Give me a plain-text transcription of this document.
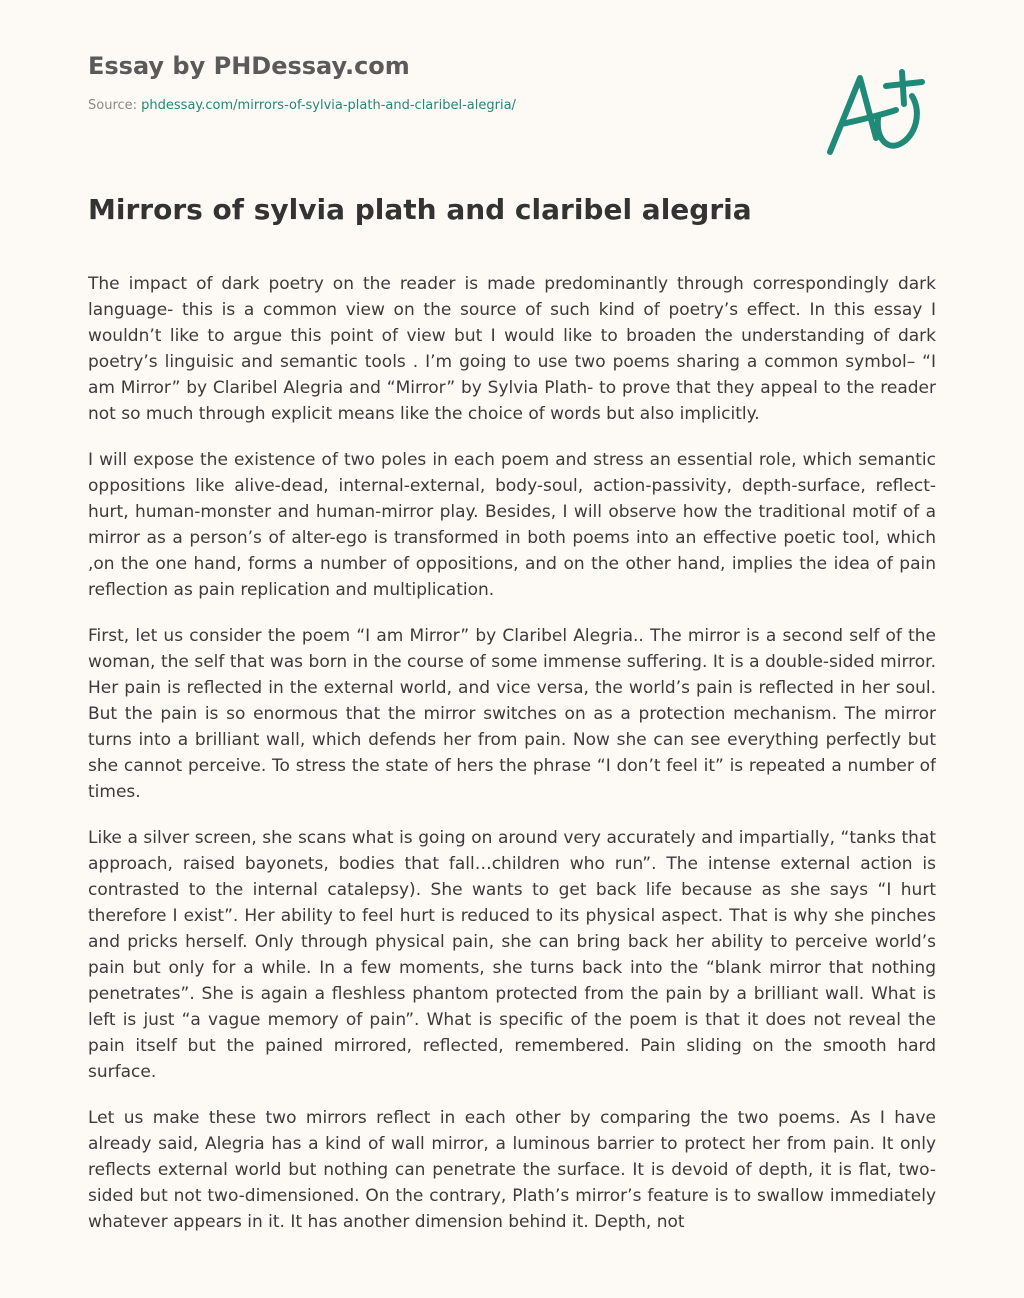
Essay by PHDessay.com
Source: phdessay.com/mirrors-of-sylvia-plath-and-claribel-alegria/
Mirrors of sylvia plath and claribel alegria

The impact of dark poetry on the reader is made predominantly through correspondingly dark language- this is a common view on the source of such kind of poetry’s effect. In this essay I wouldn’t like to argue this point of view but I would like to broaden the understanding of dark poetry’s linguisic and semantic tools . I’m going to use two poems sharing a common symbol– “I am Mirror” by Claribel Alegria and “Mirror” by Sylvia Plath- to prove that they appeal to the reader not so much through explicit means like the choice of words but also implicitly.

I will expose the existence of two poles in each poem and stress an essential role, which semantic oppositions like alive-dead, internal-external, body-soul, action-passivity, depth-surface, reflect- hurt, human-monster and human-mirror play. Besides, I will observe how the traditional motif of a mirror as a person’s of alter-ego is transformed in both poems into an effective poetic tool, which ,on the one hand, forms a number of oppositions, and on the other hand, implies the idea of pain reflection as pain replication and multiplication.

First, let us consider the poem “I am Mirror” by Claribel Alegria.. The mirror is a second self of the woman, the self that was born in the course of some immense suffering. It is a double-sided mirror. Her pain is reflected in the external world, and vice versa, the world’s pain is reflected in her soul. But the pain is so enormous that the mirror switches on as a protection mechanism. The mirror turns into a brilliant wall, which defends her from pain. Now she can see everything perfectly but she cannot perceive. To stress the state of hers the phrase “I don’t feel it” is repeated a number of times.

Like a silver screen, she scans what is going on around very accurately and impartially, “tanks that approach, raised bayonets, bodies that fall…children who run”. The intense external action is contrasted to the internal catalepsy). She wants to get back life because as she says “I hurt therefore I exist”. Her ability to feel hurt is reduced to its physical aspect. That is why she pinches and pricks herself. Only through physical pain, she can bring back her ability to perceive world’s pain but only for a while. In a few moments, she turns back into the “blank mirror that nothing penetrates”. She is again a fleshless phantom protected from the pain by a brilliant wall. What is left is just “a vague memory of pain”. What is specific of the poem is that it does not reveal the pain itself but the pained mirrored, reflected, remembered. Pain sliding on the smooth hard surface.

Let us make these two mirrors reflect in each other by comparing the two poems. As I have already said, Alegria has a kind of wall mirror, a luminous barrier to protect her from pain. It only reflects external world but nothing can penetrate the surface. It is devoid of depth, it is flat, two-sided but not two-dimensioned. On the contrary, Plath’s mirror’s feature is to swallow immediately whatever appears in it. It has another dimension behind it. Depth, not
